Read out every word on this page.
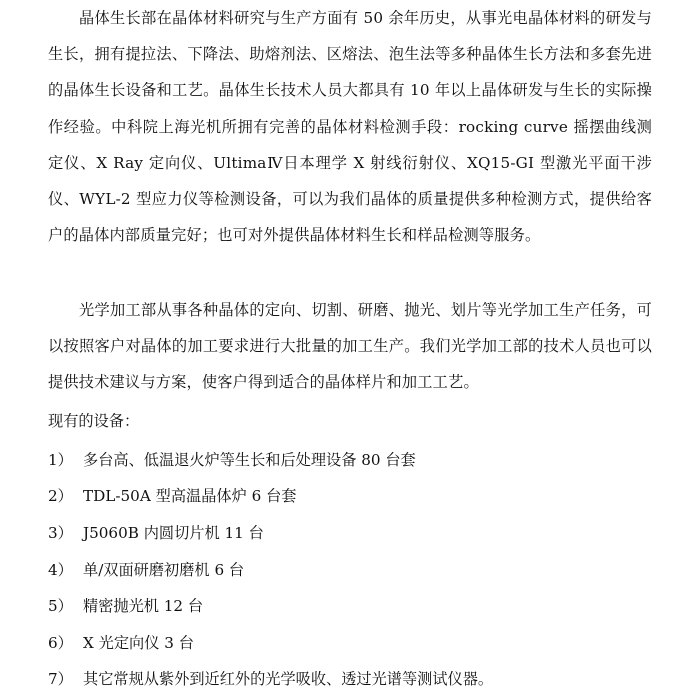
晶体生长部在晶体材料研究与生产方面有 50 余年历史，从事光电晶体材料的研发与生长，拥有提拉法、下降法、助熔剂法、区熔法、泡生法等多种晶体生长方法和多套先进的晶体生长设备和工艺。晶体生长技术人员大都具有 10 年以上晶体研发与生长的实际操作经验。中科院上海光机所拥有完善的晶体材料检测手段：rocking curve 摇摆曲线测定仪、X Ray 定向仪、UltimaⅣ日本理学 X 射线衍射仪、XQ15-GI 型激光平面干涉仪、WYL-2 型应力仪等检测设备，可以为我们晶体的质量提供多种检测方式，提供给客户的晶体内部质量完好；也可对外提供晶体材料生长和样品检测等服务。

光学加工部从事各种晶体的定向、切割、研磨、抛光、划片等光学加工生产任务，可以按照客户对晶体的加工要求进行大批量的加工生产。我们光学加工部的技术人员也可以提供技术建议与方案，使客户得到适合的晶体样片和加工工艺。

现有的设备：

1） 多台高、低温退火炉等生长和后处理设备 80 台套
2） TDL-50A 型高温晶体炉 6 台套
3） J5060B 内圆切片机 11 台
4） 单/双面研磨初磨机 6 台
5） 精密抛光机 12 台
6） X 光定向仪 3 台
7） 其它常规从紫外到近红外的光学吸收、透过光谱等测试仪器。
